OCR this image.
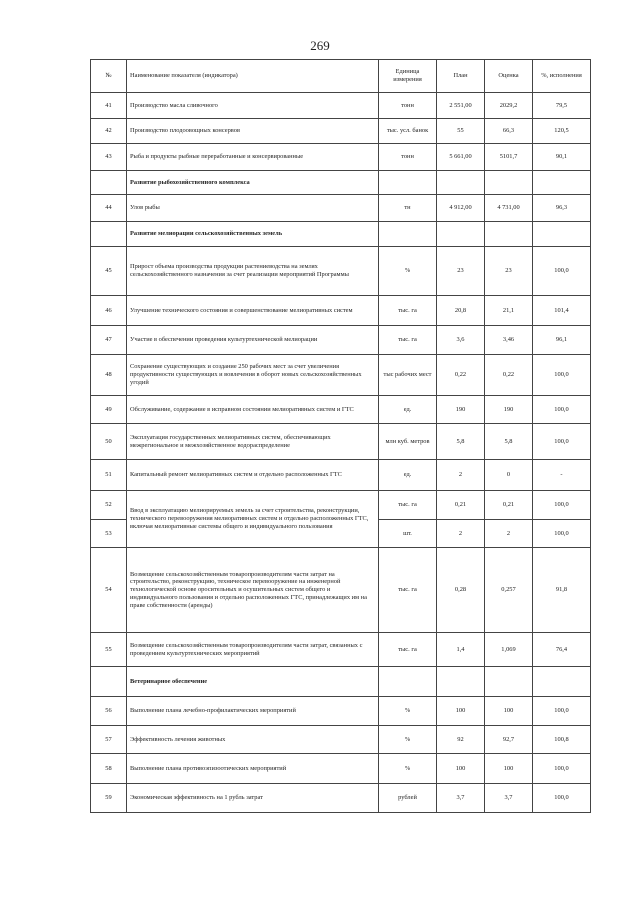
269
№	Наименование показателя (индикатора)	Единица измерения	План	Оценка	%, исполнения
41	Производство масла сливочного	тонн	2 551,00	2029,2	79,5
42	Производство плодоовощных консервов	тыс. усл. банок	55	66,3	120,5
43	Рыба и продукты рыбные переработанные и консервированные	тонн	5 661,00	5101,7	90,1
	Развитие рыбохозяйственного комплекса				
44	Улов рыбы	тн	4 912,00	4 731,00	96,3
	Развитие мелиорации сельскохозяйственных земель				
45	Прирост объема производства продукции растениеводства на землях сельскохозяйственного назначения за счет реализации мероприятий Программы	%	23	23	100,0
46	Улучшение технического состояния и совершенствование мелиоративных систем	тыс. га	20,8	21,1	101,4
47	Участие в обеспечении проведения культуртехнической мелиорации	тыс. га	3,6	3,46	96,1
48	Сохранение существующих и создание 250 рабочих мест за счет увеличения продуктивности существующих и вовлечения в оборот новых сельскохозяйственных угодий	тыс рабочих мест	0,22	0,22	100,0
49	Обслуживание, содержание в исправном состоянии мелиоративных систем и ГТС	ед.	190	190	100,0
50	Эксплуатация государственных мелиоративных систем, обеспечивающих межрегиональное и межхозяйственное водораспределение	млн куб. метров	5,8	5,8	100,0
51	Капитальный ремонт мелиоративных систем и отдельно расположенных ГТС	ед.	2	0	-
52	Ввод в эксплуатацию мелиорируемых земель за счет строительства, реконструкции, технического перевооружения мелиоративных систем и отдельно расположенных ГТС, включая мелиоративные системы общего и индивидуального пользования	тыс. га	0,21	0,21	100,0
53		шт.	2	2	100,0
54	Возмещение сельскохозяйственным товаропроизводителям части затрат на строительство, реконструкцию, техническое перевооружение на инженерной технологической основе оросительных и осушительных систем общего и индивидуального пользования и отдельно расположенных ГТС, принадлежащих им на праве собственности (аренды)	тыс. га	0,28	0,257	91,8
55	Возмещение сельскохозяйственным товаропроизводителям части затрат, связанных с проведением культуртехнических мероприятий	тыс. га	1,4	1,069	76,4
	Ветеринарное обеспечение				
56	Выполнение плана лечебно-профилактических мероприятий	%	100	100	100,0
57	Эффективность лечения животных	%	92	92,7	100,8
58	Выполнение плана противоэпизоотических мероприятий	%	100	100	100,0
59	Экономическая эффективность на 1 рубль затрат	рублей	3,7	3,7	100,0
